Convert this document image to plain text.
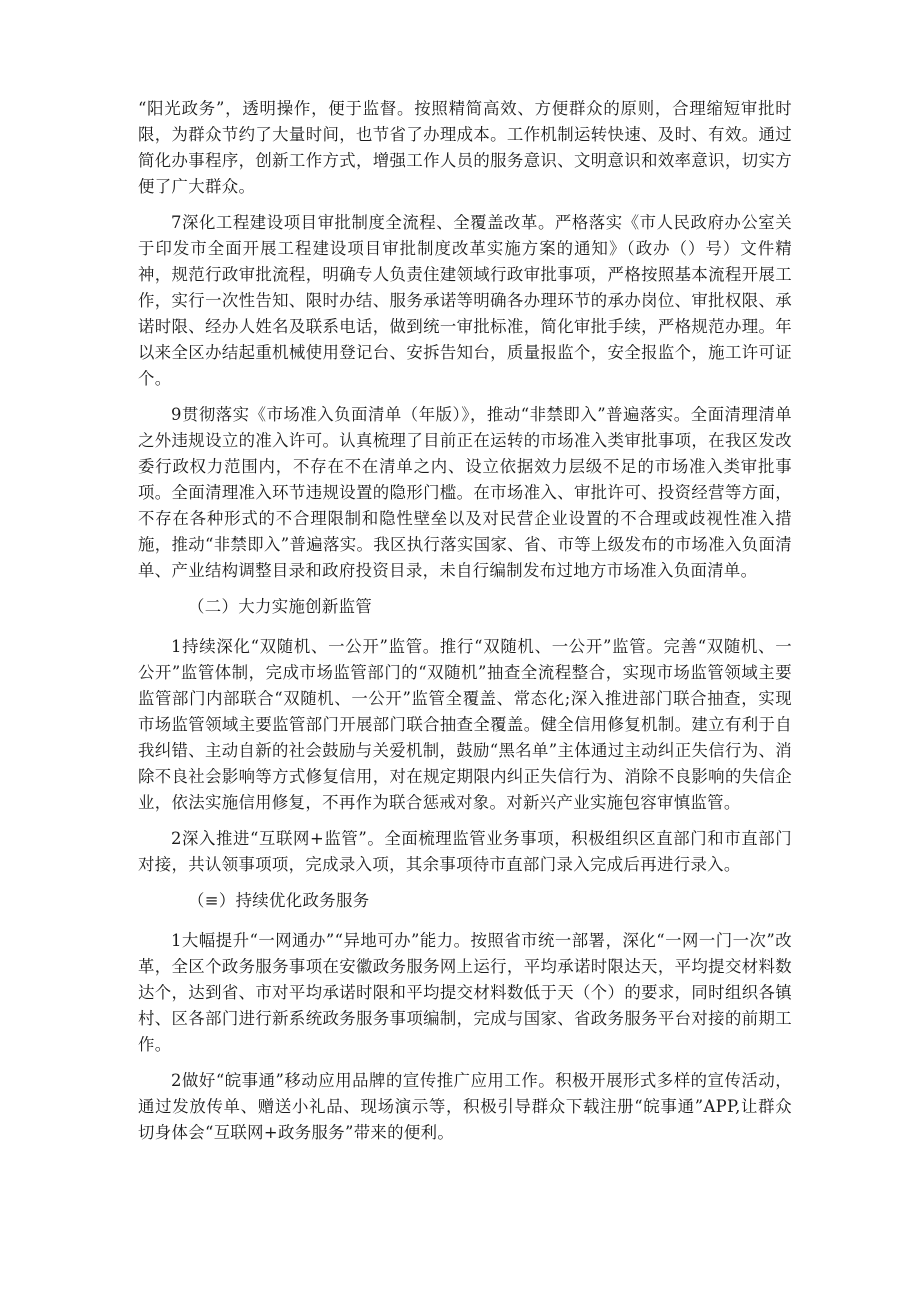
“阳光政务”，透明操作，便于监督。按照精简高效、方便群众的原则，合理缩短审批时限，为群众节约了大量时间，也节省了办理成本。工作机制运转快速、及时、有效。通过简化办事程序，创新工作方式，增强工作人员的服务意识、文明意识和效率意识，切实方便了广大群众。

7深化工程建设项目审批制度全流程、全覆盖改革。严格落实《市人民政府办公室关于印发市全面开展工程建设项目审批制度改革实施方案的通知》（政办（）号）文件精神，规范行政审批流程，明确专人负责住建领域行政审批事项，严格按照基本流程开展工作，实行一次性告知、限时办结、服务承诺等明确各办理环节的承办岗位、审批权限、承诺时限、经办人姓名及联系电话，做到统一审批标准，简化审批手续，严格规范办理。年以来全区办结起重机械使用登记台、安拆告知台，质量报监个，安全报监个，施工许可证个。

9贯彻落实《市场准入负面清单（年版）》，推动“非禁即入”普遍落实。全面清理清单之外违规设立的准入许可。认真梳理了目前正在运转的市场准入类审批事项，在我区发改委行政权力范围内，不存在不在清单之内、设立依据效力层级不足的市场准入类审批事项。全面清理准入环节违规设置的隐形门槛。在市场准入、审批许可、投资经营等方面，不存在各种形式的不合理限制和隐性壁垒以及对民营企业设置的不合理或歧视性准入措施，推动“非禁即入”普遍落实。我区执行落实国家、省、市等上级发布的市场准入负面清单、产业结构调整目录和政府投资目录，未自行编制发布过地方市场准入负面清单。

（二）大力实施创新监管

1持续深化“双随机、一公开”监管。推行“双随机、一公开”监管。完善“双随机、一公开”监管体制，完成市场监管部门的“双随机”抽查全流程整合，实现市场监管领域主要监管部门内部联合“双随机、一公开”监管全覆盖、常态化;深入推进部门联合抽查，实现市场监管领域主要监管部门开展部门联合抽查全覆盖。健全信用修复机制。建立有利于自我纠错、主动自新的社会鼓励与关爱机制，鼓励“黑名单”主体通过主动纠正失信行为、消除不良社会影响等方式修复信用，对在规定期限内纠正失信行为、消除不良影响的失信企业，依法实施信用修复，不再作为联合惩戒对象。对新兴产业实施包容审慎监管。

2深入推进“互联网+监管”。全面梳理监管业务事项，积极组织区直部门和市直部门对接，共认领事项项，完成录入项，其余事项待市直部门录入完成后再进行录入。

（≡）持续优化政务服务

1大幅提升“一网通办”“异地可办”能力。按照省市统一部署，深化“一网一门一次”改革，全区个政务服务事项在安徽政务服务网上运行，平均承诺时限达天，平均提交材料数达个，达到省、市对平均承诺时限和平均提交材料数低于天（个）的要求，同时组织各镇村、区各部门进行新系统政务服务事项编制，完成与国家、省政务服务平台对接的前期工作。

2做好“皖事通”移动应用品牌的宣传推广应用工作。积极开展形式多样的宣传活动，通过发放传单、赠送小礼品、现场演示等，积极引导群众下载注册“皖事通”APP,让群众切身体会“互联网+政务服务”带来的便利。
